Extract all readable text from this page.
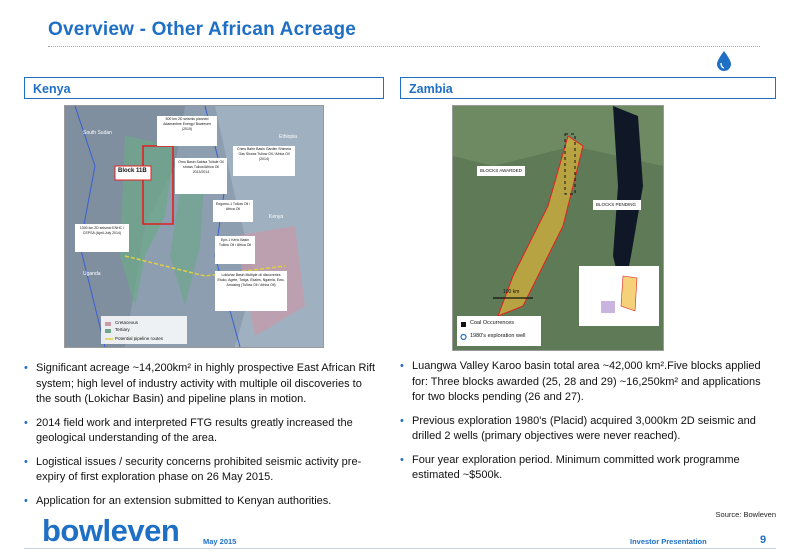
Overview - Other African Acreage
Kenya
South Sudan
Ethiopia
Kenya
Uganda
Block 11B
500 km 2D seismic planned Adamantine Energy/ Bowleven (2015)
Chew Bahir Basin Gardim Shimela Gas Shows Tullow Oil / Africa Oil (2014)
Omo Basin Sabisa Tultule Oil shows Tullow/Africa Oil 2013/2014
Engomo-1 Tullow Oil / Africa Oil
1000 km 2D seismic ENHC / CEPSA (April-July 2014)
Epir-1 Kerio Basin Tullow Oil / Africa Oil
Lokichar Basin Multiple oil discoveries Etuko, Agete, Twiga, Ekales, Ngamia, Ewo, Amosing (Tullow Oil / Africa Oil)
Cretaceous
Tertiary
Potential pipeline routes
• Significant acreage ~14,200km² in highly prospective East African Rift system; high level of industry activity with multiple oil discoveries to the south (Lokichar Basin) and pipeline plans in motion.
• 2014 field work and interpreted FTG results greatly increased the geological understanding of the area.
• Logistical issues / security concerns prohibited seismic activity pre-expiry of first exploration phase on 26 May 2015.
• Application for an extension submitted to Kenyan authorities.
Zambia
BLOCKS AWARDED
BLOCKS PENDING
100 km
Coal Occurrences
1980's exploration well
• Luangwa Valley Karoo basin total area ~42,000 km².Five blocks applied for: Three blocks awarded (25, 28 and 29) ~16,250km² and applications for two blocks pending (26 and 27).
• Previous exploration 1980's (Placid) acquired 3,000km 2D seismic and drilled 2 wells (primary objectives were never reached).
• Four year exploration period. Minimum committed work programme estimated ~$500k.
Source: Bowleven
bowleven	May 2015	Investor Presentation	9
